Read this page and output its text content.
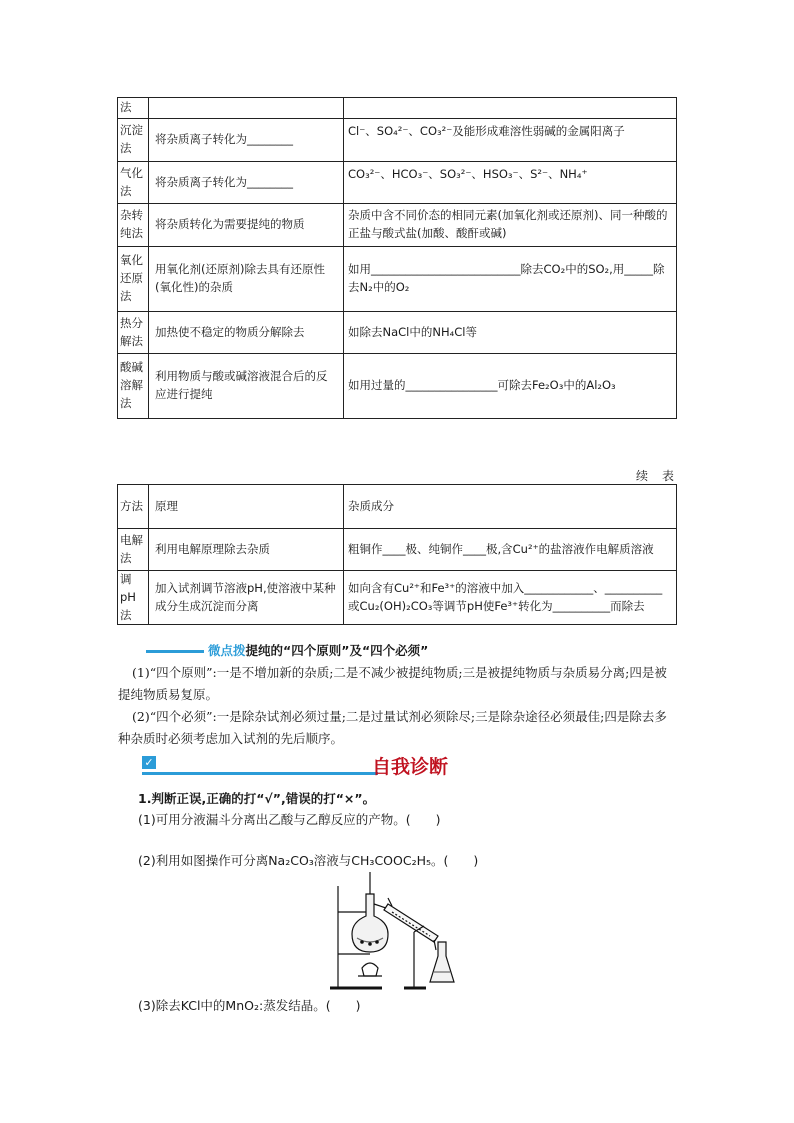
法		
沉淀法	将杂质离子转化为________	Cl⁻、SO₄²⁻、CO₃²⁻及能形成难溶性弱碱的金属阳离子
气化法	将杂质离子转化为________	CO₃²⁻、HCO₃⁻、SO₃²⁻、HSO₃⁻、S²⁻、NH₄⁺
杂转纯法	将杂质转化为需要提纯的物质	杂质中含不同价态的相同元素(加氧化剂或还原剂)、同一种酸的正盐与酸式盐(加酸、酸酐或碱)
氧化还原法	用氧化剂(还原剂)除去具有还原性(氧化性)的杂质	如用__________________________除去CO₂中的SO₂,用_____除去N₂中的O₂
热分解法	加热使不稳定的物质分解除去	如除去NaCl中的NH₄Cl等
酸碱溶解法	利用物质与酸或碱溶液混合后的反应进行提纯	如用过量的________________可除去Fe₂O₃中的Al₂O₃
续表
方法	原理	杂质成分
电解法	利用电解原理除去杂质	粗铜作____极、纯铜作____极,含Cu²⁺的盐溶液作电解质溶液
调pH法	加入试剂调节溶液pH,使溶液中某种成分生成沉淀而分离	如向含有Cu²⁺和Fe³⁺的溶液中加入____________、__________或Cu₂(OH)₂CO₃等调节pH使Fe³⁺转化为__________而除去
微点拨提纯的“四个原则”及“四个必须”

(1)“四个原则”:一是不增加新的杂质;二是不减少被提纯物质;三是被提纯物质与杂质易分离;四是被提纯物质易复原。

(2)“四个必须”:一是除杂试剂必须过量;二是过量试剂必须除尽;三是除杂途径必须最佳;四是除去多种杂质时必须考虑加入试剂的先后顺序。

✓	自我诊断
1.判断正误,正确的打“√”,错误的打“×”。
(1)可用分液漏斗分离出乙酸与乙醇反应的产物。(　　)
(2)利用如图操作可分离Na₂CO₃溶液与CH₃COOC₂H₅。(　　)
(3)除去KCl中的MnO₂:蒸发结晶。(　　)
